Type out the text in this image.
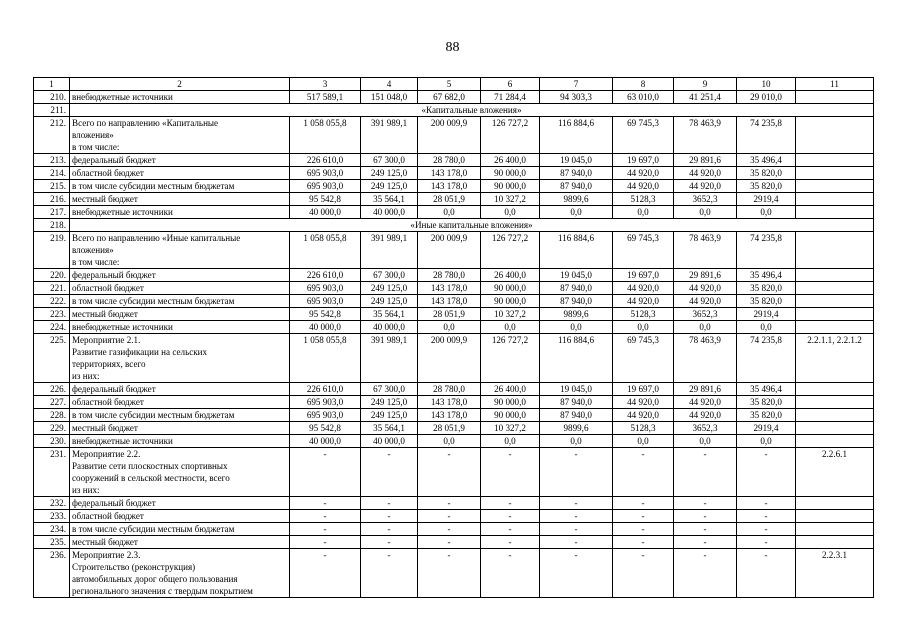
88
1	2	3	4	5	6	7	8	9	10	11
210.	внебюджетные источники	517 589,1	151 048,0	67 682,0	71 284,4	94 303,3	63 010,0	41 251,4	29 010,0	
211.	«Капитальные вложения»									
212.	Всего по направлению «Капитальные
вложения»
в том числе:	1 058 055,8	391 989,1	200 009,9	126 727,2	116 884,6	69 745,3	78 463,9	74 235,8	
213.	федеральный бюджет	226 610,0	67 300,0	28 780,0	26 400,0	19 045,0	19 697,0	29 891,6	35 496,4	
214.	областной бюджет	695 903,0	249 125,0	143 178,0	90 000,0	87 940,0	44 920,0	44 920,0	35 820,0	
215.	в том числе субсидии местным бюджетам	695 903,0	249 125,0	143 178,0	90 000,0	87 940,0	44 920,0	44 920,0	35 820,0	
216.	местный бюджет	95 542,8	35 564,1	28 051,9	10 327,2	9899,6	5128,3	3652,3	2919,4	
217.	внебюджетные источники	40 000,0	40 000,0	0,0	0,0	0,0	0,0	0,0	0,0	
218.	«Иные капитальные вложения»									
219.	Всего по направлению «Иные капитальные
вложения»
в том числе:	1 058 055,8	391 989,1	200 009,9	126 727,2	116 884,6	69 745,3	78 463,9	74 235,8	
220.	федеральный бюджет	226 610,0	67 300,0	28 780,0	26 400,0	19 045,0	19 697,0	29 891,6	35 496,4	
221.	областной бюджет	695 903,0	249 125,0	143 178,0	90 000,0	87 940,0	44 920,0	44 920,0	35 820,0	
222.	в том числе субсидии местным бюджетам	695 903,0	249 125,0	143 178,0	90 000,0	87 940,0	44 920,0	44 920,0	35 820,0	
223.	местный бюджет	95 542,8	35 564,1	28 051,9	10 327,2	9899,6	5128,3	3652,3	2919,4	
224.	внебюджетные источники	40 000,0	40 000,0	0,0	0,0	0,0	0,0	0,0	0,0	
225.	Мероприятие 2.1.
Развитие газификации на сельских
территориях, всего
из них:	1 058 055,8	391 989,1	200 009,9	126 727,2	116 884,6	69 745,3	78 463,9	74 235,8	2.2.1.1, 2.2.1.2
226.	федеральный бюджет	226 610,0	67 300,0	28 780,0	26 400,0	19 045,0	19 697,0	29 891,6	35 496,4	
227.	областной бюджет	695 903,0	249 125,0	143 178,0	90 000,0	87 940,0	44 920,0	44 920,0	35 820,0	
228.	в том числе субсидии местным бюджетам	695 903,0	249 125,0	143 178,0	90 000,0	87 940,0	44 920,0	44 920,0	35 820,0	
229.	местный бюджет	95 542,8	35 564,1	28 051,9	10 327,2	9899,6	5128,3	3652,3	2919,4	
230.	внебюджетные источники	40 000,0	40 000,0	0,0	0,0	0,0	0,0	0,0	0,0	
231.	Мероприятие 2.2.
Развитие сети плоскостных спортивных
сооружений в сельской местности, всего
из них:	-	-	-	-	-	-	-	-	2.2.6.1
232.	федеральный бюджет	-	-	-	-	-	-	-	-	
233.	областной бюджет	-	-	-	-	-	-	-	-	
234.	в том числе субсидии местным бюджетам	-	-	-	-	-	-	-	-	
235.	местный бюджет	-	-	-	-	-	-	-	-	
236.	Мероприятие 2.3.
Строительство (реконструкция)
автомобильных дорог общего пользования
регионального значения с твердым покрытием	-	-	-	-	-	-	-	-	2.2.3.1
